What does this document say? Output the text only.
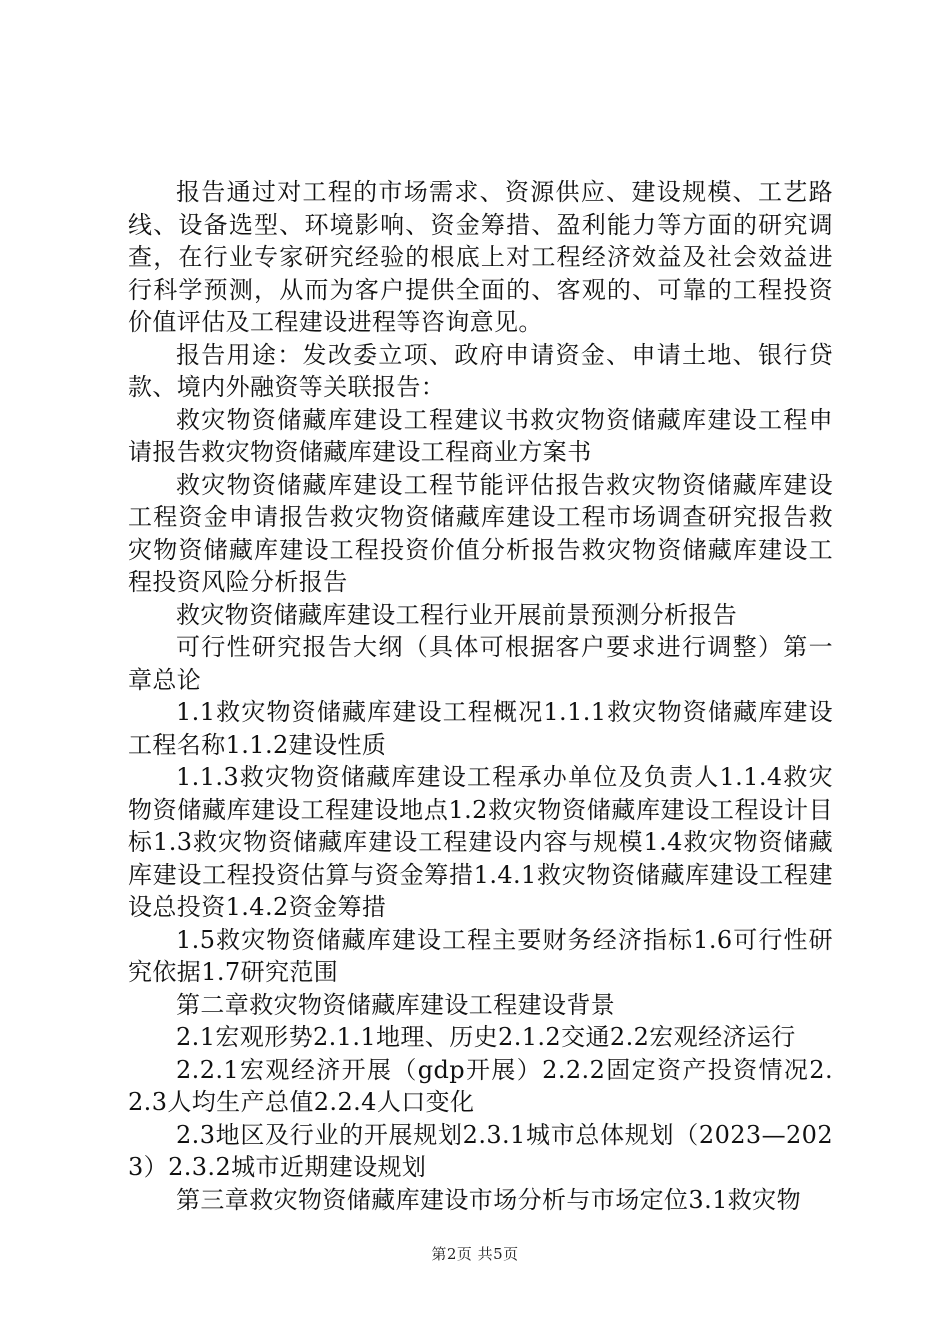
报告通过对工程的市场需求、资源供应、建设规模、工艺路线、设备选型、环境影响、资金筹措、盈利能力等方面的研究调查，在行业专家研究经验的根底上对工程经济效益及社会效益进行科学预测，从而为客户提供全面的、客观的、可靠的工程投资价值评估及工程建设进程等咨询意见。

报告用途：发改委立项、政府申请资金、申请土地、银行贷款、境内外融资等关联报告：

救灾物资储藏库建设工程建议书救灾物资储藏库建设工程申请报告救灾物资储藏库建设工程商业方案书

救灾物资储藏库建设工程节能评估报告救灾物资储藏库建设工程资金申请报告救灾物资储藏库建设工程市场调查研究报告救灾物资储藏库建设工程投资价值分析报告救灾物资储藏库建设工程投资风险分析报告

救灾物资储藏库建设工程行业开展前景预测分析报告

可行性研究报告大纲（具体可根据客户要求进行调整）第一章总论

1.1救灾物资储藏库建设工程概况1.1.1救灾物资储藏库建设工程名称1.1.2建设性质

1.1.3救灾物资储藏库建设工程承办单位及负责人1.1.4救灾物资储藏库建设工程建设地点1.2救灾物资储藏库建设工程设计目标1.3救灾物资储藏库建设工程建设内容与规模1.4救灾物资储藏库建设工程投资估算与资金筹措1.4.1救灾物资储藏库建设工程建设总投资1.4.2资金筹措

1.5救灾物资储藏库建设工程主要财务经济指标1.6可行性研究依据1.7研究范围

第二章救灾物资储藏库建设工程建设背景

2.1宏观形势2.1.1地理、历史2.1.2交通2.2宏观经济运行

2.2.1宏观经济开展（gdp开展）2.2.2固定资产投资情况2.2.3人均生产总值2.2.4人口变化

2.3地区及行业的开展规划2.3.1城市总体规划（2023—2023）2.3.2城市近期建设规划

第三章救灾物资储藏库建设市场分析与市场定位3.1救灾物

第2页 共5页
